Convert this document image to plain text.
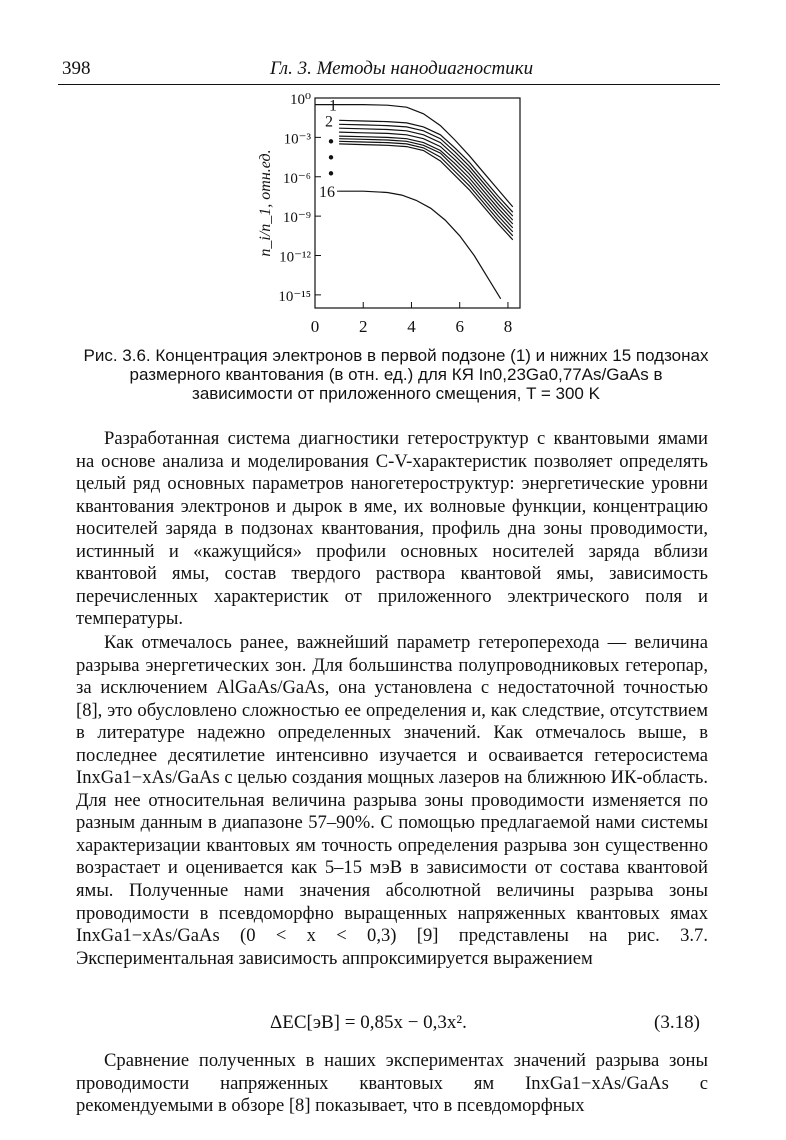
398	Гл. 3. Методы нанодиагностики
0 2 4 6 8
10⁰
10⁻³
10⁻⁶
10⁻⁹
10⁻¹²
10⁻¹⁵
n_i/n_1, отн.ед.
1
2
16
Рис. 3.6. Концентрация электронов в первой подзоне (1) и нижних 15 подзонах размерного квантования (в отн. ед.) для КЯ In0,23Ga0,77As/GaAs в зависимости от приложенного смещения, T = 300 K
Разработанная система диагностики гетероструктур с квантовыми ямами на основе анализа и моделирования C-V-характеристик позволяет определять целый ряд основных параметров наногетероструктур: энергетические уровни квантования электронов и дырок в яме, их волновые функции, концентрацию носителей заряда в подзонах квантования, профиль дна зоны проводимости, истинный и «кажущийся» профили основных носителей заряда вблизи квантовой ямы, состав твердого раствора квантовой ямы, зависимость перечисленных характеристик от приложенного электрического поля и температуры.
Как отмечалось ранее, важнейший параметр гетероперехода — величина разрыва энергетических зон. Для большинства полупроводниковых гетеропар, за исключением AlGaAs/GaAs, она установлена с недостаточной точностью [8], это обусловлено сложностью ее определения и, как следствие, отсутствием в литературе надежно определенных значений. Как отмечалось выше, в последнее десятилетие интенсивно изучается и осваивается гетеросистема InxGa1−xAs/GaAs с целью создания мощных лазеров на ближнюю ИК-область. Для нее относительная величина разрыва зоны проводимости изменяется по разным данным в диапазоне 57–90%. С помощью предлагаемой нами системы характеризации квантовых ям точность определения разрыва зон существенно возрастает и оценивается как 5–15 мэВ в зависимости от состава квантовой ямы. Полученные нами значения абсолютной величины разрыва зоны проводимости в псевдоморфно выращенных напряженных квантовых ямах InxGa1−xAs/GaAs (0 < x < 0,3) [9] представлены на рис. 3.7. Экспериментальная зависимость аппроксимируется выражением
ΔEC[эВ] = 0,85x − 0,3x².	(3.18)
Сравнение полученных в наших экспериментах значений разрыва зоны проводимости напряженных квантовых ям InxGa1−xAs/GaAs с рекомендуемыми в обзоре [8] показывает, что в псевдоморфных
